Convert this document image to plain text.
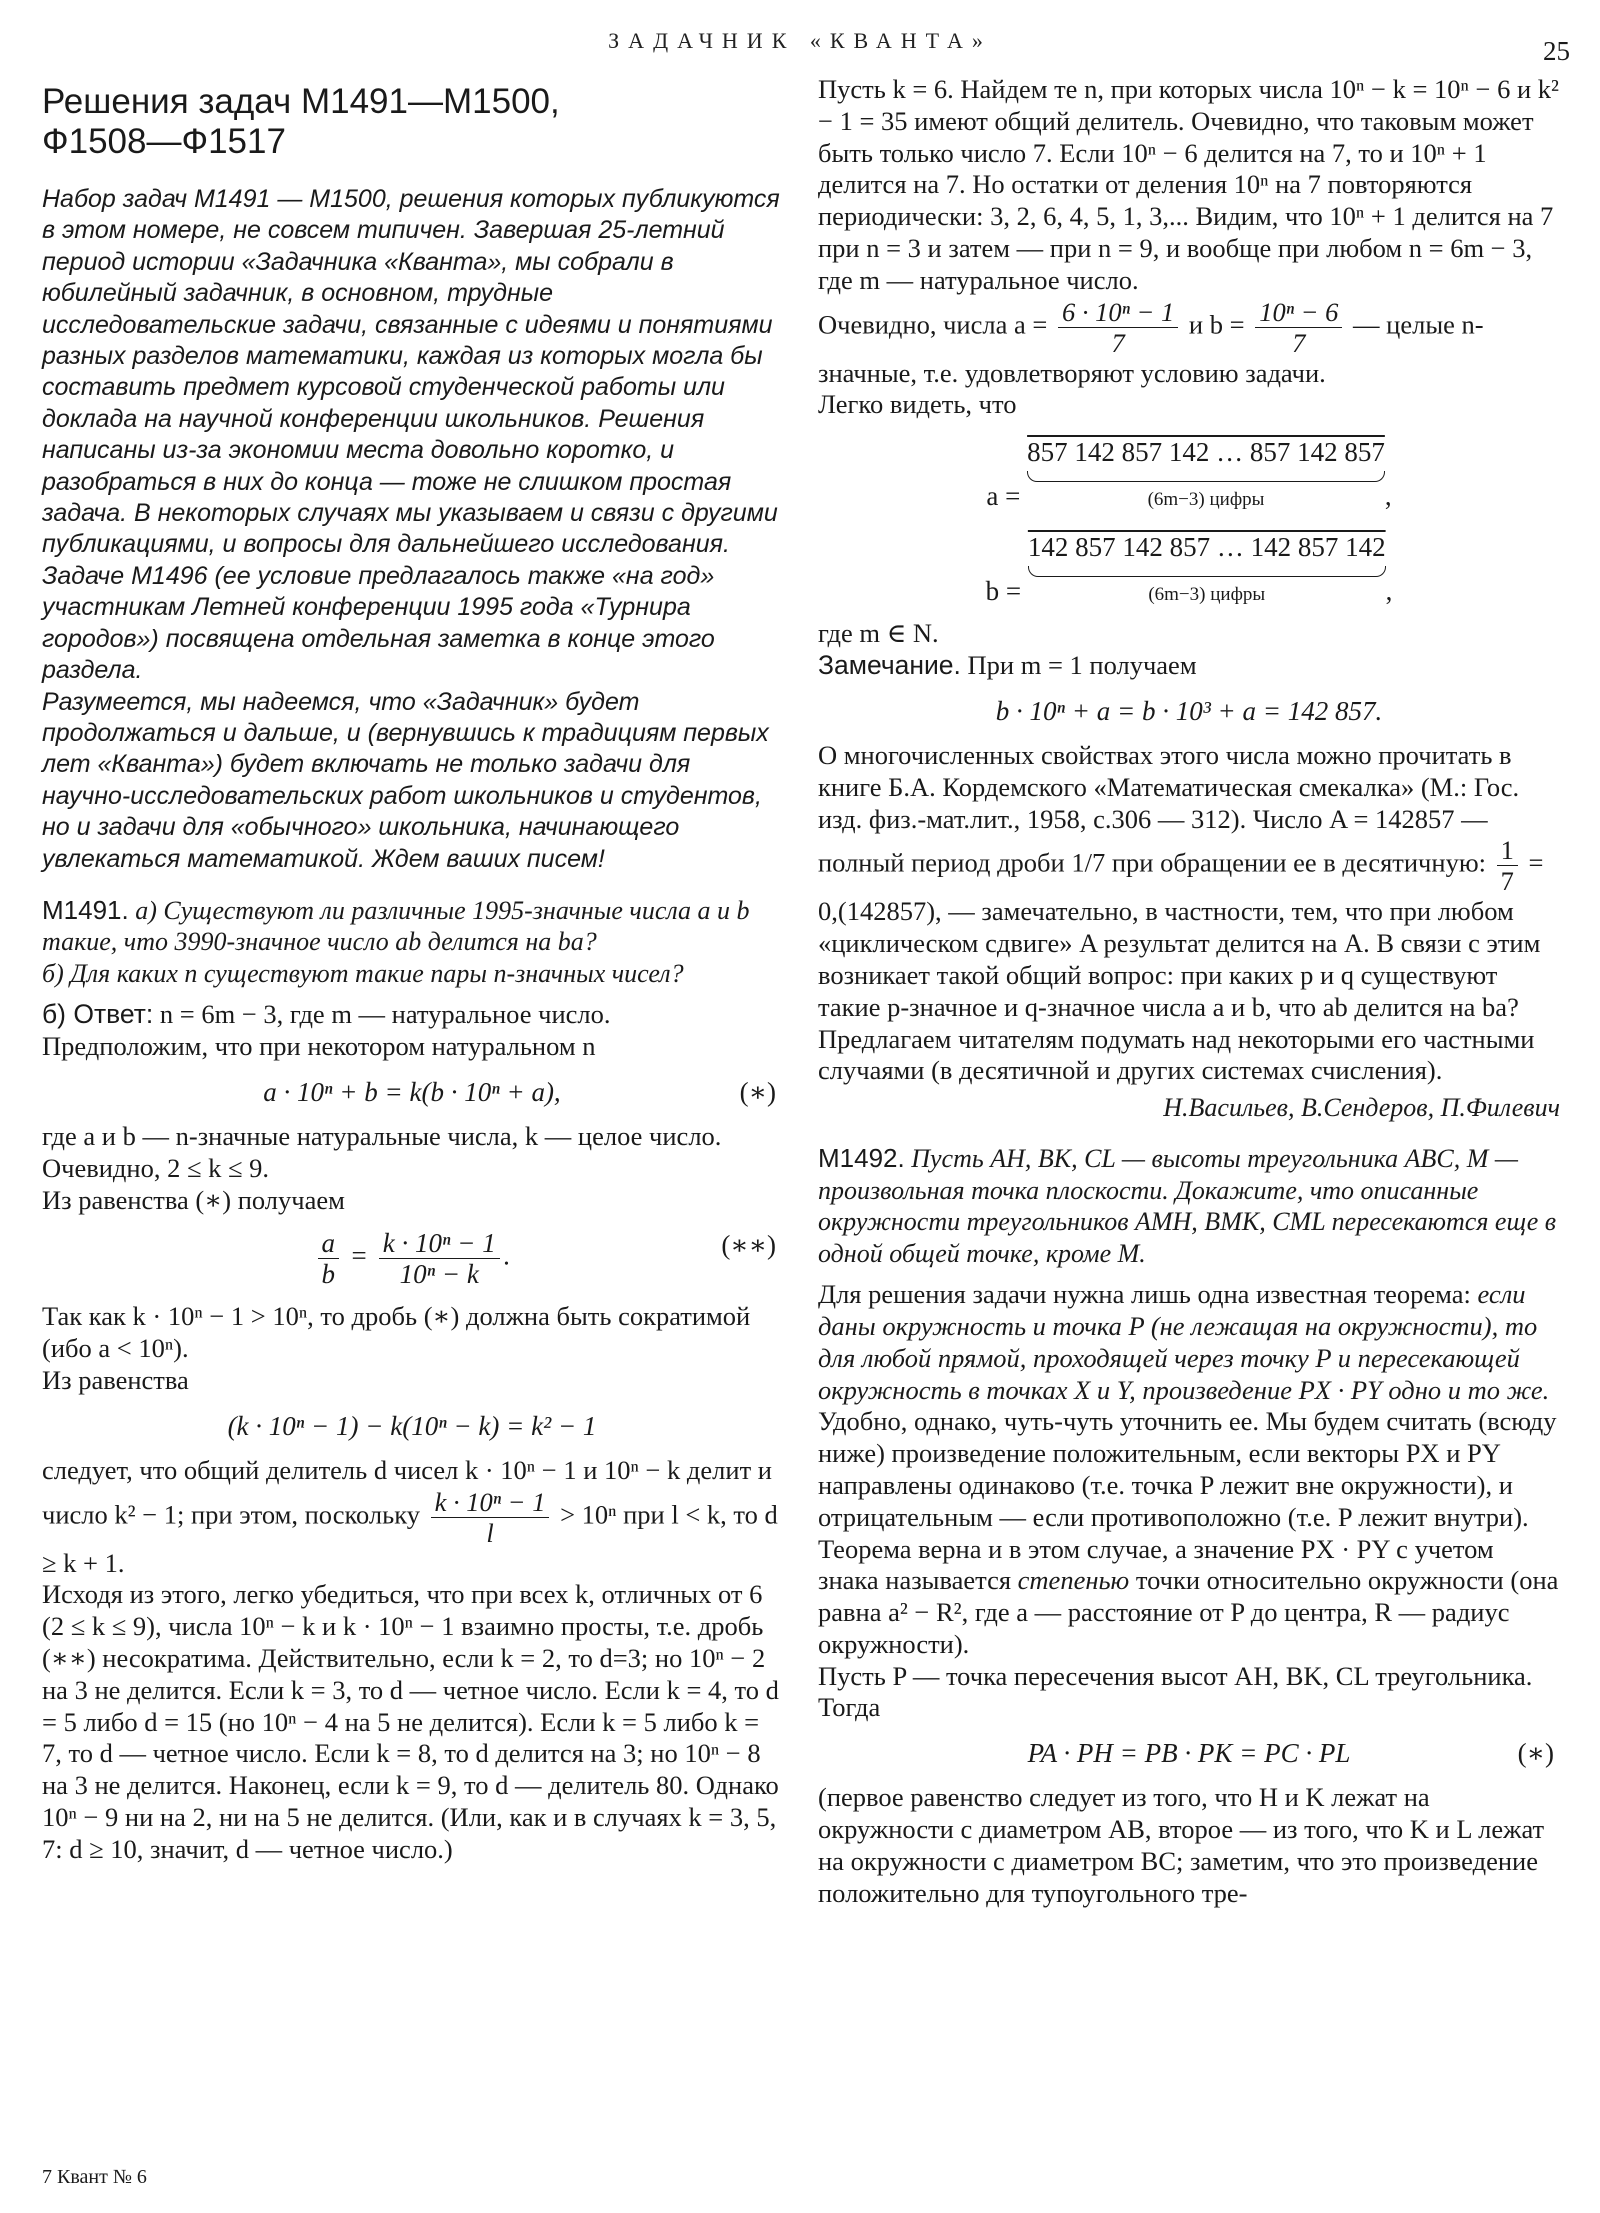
ЗАДАЧНИК «КВАНТА»	25
Решения задач М1491—М1500,
Ф1508—Ф1517

Набор задач М1491 — М1500, решения которых публикуются в этом номере, не совсем типичен. Завершая 25-летний период истории «Задачника «Кванта», мы собрали в юбилейный задачник, в основном, трудные исследовательские задачи, связанные с идеями и понятиями разных разделов математики, каждая из которых могла бы составить предмет курсовой студенческой работы или доклада на научной конференции школьников. Решения написаны из-за экономии места довольно коротко, и разобраться в них до конца — тоже не слишком простая задача. В некоторых случаях мы указываем и связи с другими публикациями, и вопросы для дальнейшего исследования. Задаче М1496 (ее условие предлагалось также «на год» участникам Летней конференции 1995 года «Турнира городов») посвящена отдельная заметка в конце этого раздела.

Разумеется, мы надеемся, что «Задачник» будет продолжаться и дальше, и (вернувшись к традициям первых лет «Кванта») будет включать не только задачи для научно-исследовательских работ школьников и студентов, но и задачи для «обычного» школьника, начинающего увлекаться математикой. Ждем ваших писем!

М1491. а) Существуют ли различные 1995-значные числа a и b такие, что 3990-значное число ab делится на ba?
б) Для каких n существуют такие пары n-значных чисел?

б) Ответ: n = 6m − 3, где m — натуральное число.

Предположим, что при некотором натуральном n

a · 10ⁿ + b = k(b · 10ⁿ + a),	(∗)

где a и b — n-значные натуральные числа, k — целое число. Очевидно, 2 ≤ k ≤ 9.

Из равенства (∗) получаем

$\frac{a}{b} = \frac{\text{k · 10ⁿ − 1}}{\text{10ⁿ − k}}$ .	(∗∗)

Так как k · 10ⁿ − 1 > 10ⁿ, то дробь (∗) должна быть сократимой (ибо a < 10ⁿ).

Из равенства

(k · 10ⁿ − 1) − k(10ⁿ − k) = k² − 1

следует, что общий делитель d чисел k · 10ⁿ − 1 и 10ⁿ − k делит и число k² − 1; при этом, поскольку $\frac{\text{k · 10ⁿ − 1}}{l} > 10^n$ при l < k, то d ≥ k + 1.

Исходя из этого, легко убедиться, что при всех k, отличных от 6 (2 ≤ k ≤ 9), числа 10ⁿ − k и k · 10ⁿ − 1 взаимно просты, т.е. дробь (∗∗) несократима. Действительно, если k = 2, то d=3; но 10ⁿ − 2 на 3 не делится. Если k = 3, то d — четное число. Если k = 4, то d = 5 либо d = 15 (но 10ⁿ − 4 на 5 не делится). Если k = 5 либо k = 7, то d — четное число. Если k = 8, то d делится на 3; но 10ⁿ − 8 на 3 не делится. Наконец, если k = 9, то d — делитель 80. Однако 10ⁿ − 9 ни на 2, ни на 5 не делится. (Или, как и в случаях k = 3, 5, 7: d ≥ 10, значит, d — четное число.)

Пусть k = 6. Найдем те n, при которых числа 10ⁿ − k = 10ⁿ − 6 и k² − 1 = 35 имеют общий делитель. Очевидно, что таковым может быть только число 7. Если 10ⁿ − 6 делится на 7, то и 10ⁿ + 1 делится на 7. Но остатки от деления 10ⁿ на 7 повторяются периодически: 3, 2, 6, 4, 5, 1, 3,... Видим, что 10ⁿ + 1 делится на 7 при n = 3 и затем — при n = 9, и вообще при любом n = 6m − 3, где m — натуральное число.

Очевидно, числа $a = \frac{\text{6 · 10ⁿ − 1}}{7}$ и $b = \frac{\text{10ⁿ − 6}}{7}$ — целые n-значные, т.е. удовлетворяют условию задачи.

Легко видеть, что

a = 857 142 857 142 … 857 142 857
(6m−3) цифры	,
b = 142 857 142 857 … 142 857 142
(6m−3) цифры	,

где m ∈ N.

Замечание. При m = 1 получаем

b · 10ⁿ + a = b · 10³ + a = 142 857.

О многочисленных свойствах этого числа можно прочитать в книге Б.А. Кордемского «Математическая смекалка» (М.: Гос. изд. физ.-мат.лит., 1958, с.306 — 312). Число A = 142857 — полный период дроби 1/7 при обращении ее в десятичную: $\frac{1}{7} = 0,(142857)$, — замечательно, в частности, тем, что при любом «циклическом сдвиге» A результат делится на A. В связи с этим возникает такой общий вопрос: при каких p и q существуют такие p-значное и q-значное числа a и b, что ab делится на ba? Предлагаем читателям подумать над некоторыми его частными случаями (в десятичной и других системах счисления).

Н.Васильев, В.Сендеров, П.Филевич
М1492. Пусть AH, BK, CL — высоты треугольника ABC, M — произвольная точка плоскости. Докажите, что описанные окружности треугольников AMH, BMK, CML пересекаются еще в одной общей точке, кроме M.

Для решения задачи нужна лишь одна известная теорема: если даны окружность и точка P (не лежащая на окружности), то для любой прямой, проходящей через точку P и пересекающей окружность в точках X и Y, произведение PX · PY одно и то же. Удобно, однако, чуть-чуть уточнить ее. Мы будем считать (всюду ниже) произведение положительным, если векторы PX и PY направлены одинаково (т.е. точка P лежит вне окружности), и отрицательным — если противоположно (т.е. P лежит внутри). Теорема верна и в этом случае, а значение PX · PY с учетом знака называется степенью точки относительно окружности (она равна a² − R², где a — расстояние от P до центра, R — радиус окружности).

Пусть P — точка пересечения высот AH, BK, CL треугольника. Тогда

PA · PH = PB · PK = PC · PL	(∗)

(первое равенство следует из того, что H и K лежат на окружности с диаметром AB, второе — из того, что K и L лежат на окружности с диаметром BC; заметим, что это произведение положительно для тупоугольного тре-

7 Квант № 6
